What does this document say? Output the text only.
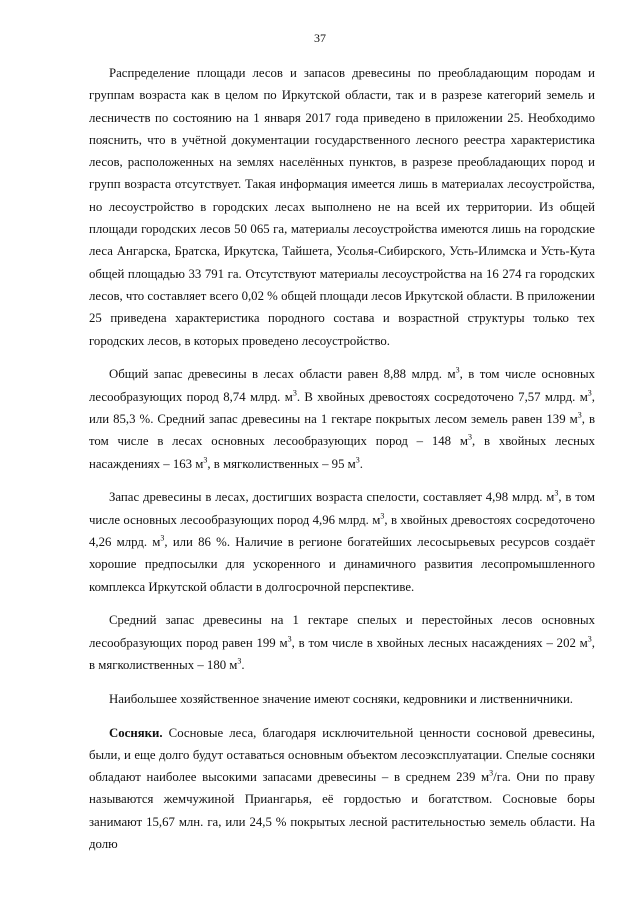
37

Распределение площади лесов и запасов древесины по преобладающим породам и группам возраста как в целом по Иркутской области, так и в разрезе категорий земель и лесничеств по состоянию на 1 января 2017 года приведено в приложении 25. Необходимо пояснить, что в учётной документации государственного лесного реестра характеристика лесов, расположенных на землях населённых пунктов, в разрезе преобладающих пород и групп возраста отсутствует. Такая информация имеется лишь в материалах лесоустройства, но лесоустройство в городских лесах выполнено не на всей их территории. Из общей площади городских лесов 50 065 га, материалы лесоустройства имеются лишь на городские леса Ангарска, Братска, Иркутска, Тайшета, Усолья-Сибирского, Усть-Илимска и Усть-Кута общей площадью 33 791 га. Отсутствуют материалы лесоустройства на 16 274 га городских лесов, что составляет всего 0,02 % общей площади лесов Иркутской области. В приложении 25 приведена характеристика породного состава и возрастной структуры только тех городских лесов, в которых проведено лесоустройство.

Общий запас древесины в лесах области равен 8,88 млрд. $м^3$, в том числе основных лесообразующих пород 8,74 млрд. $м^3$. В хвойных древостоях сосредоточено 7,57 млрд. $м^3$, или 85,3 %. Средний запас древесины на 1 гектаре покрытых лесом земель равен 139 $м^3$, в том числе в лесах основных лесообразующих пород – 148 $м^3$, в хвойных лесных насаждениях – 163 $м^3$, в мягколиственных – 95 $м^3$.

Запас древесины в лесах, достигших возраста спелости, составляет 4,98 млрд. $м^3$, в том числе основных лесообразующих пород 4,96 млрд. $м^3$, в хвойных древостоях сосредоточено 4,26 млрд. $м^3$, или 86 %. Наличие в регионе богатейших лесосырьевых ресурсов создаёт хорошие предпосылки для ускоренного и динамичного развития лесопромышленного комплекса Иркутской области в долгосрочной перспективе.

Средний запас древесины на 1 гектаре спелых и перестойных лесов основных лесообразующих пород равен 199 $м^3$, в том числе в хвойных лесных насаждениях – 202 $м^3$, в мягколиственных – 180 $м^3$.

Наибольшее хозяйственное значение имеют сосняки, кедровники и лиственничники.

Сосняки. Сосновые леса, благодаря исключительной ценности сосновой древесины, были, и еще долго будут оставаться основным объектом лесоэксплуатации. Спелые сосняки обладают наиболее высокими запасами древесины – в среднем 239 $м^3/га$. Они по праву называются жемчужиной Приангарья, её гордостью и богатством. Сосновые боры занимают 15,67 млн. га, или 24,5 % покрытых лесной растительностью земель области. На долю
